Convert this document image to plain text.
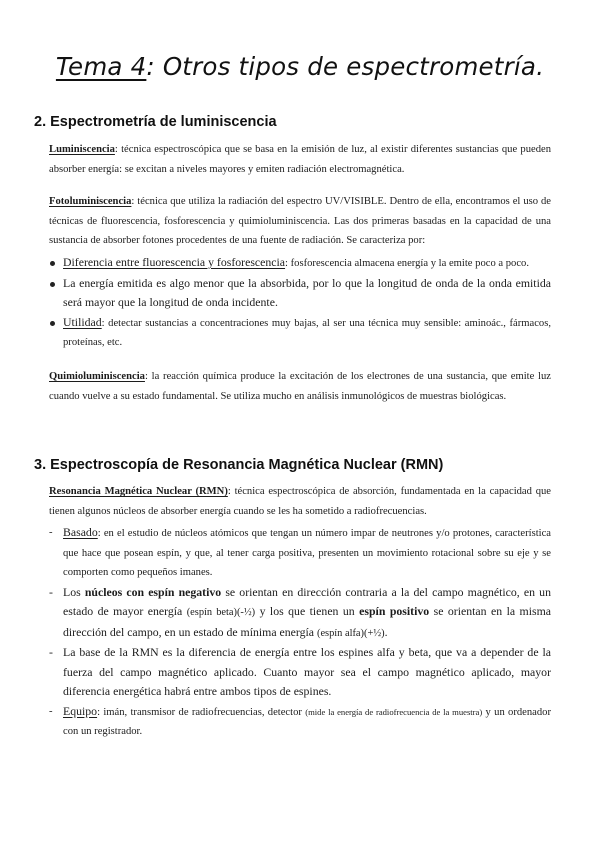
Tema 4: Otros tipos de espectrometría.
2. Espectrometría de luminiscencia

Luminiscencia: técnica espectroscópica que se basa en la emisión de luz, al existir diferentes sustancias que pueden absorber energía: se excitan a niveles mayores y emiten radiación electromagnética.

Fotoluminiscencia: técnica que utiliza la radiación del espectro UV/VISIBLE. Dentro de ella, encontramos el uso de técnicas de fluorescencia, fosforescencia y quimioluminiscencia. Las dos primeras basadas en la capacidad de una sustancia de absorber fotones procedentes de una fuente de radiación. Se caracteriza por:

Diferencia entre fluorescencia y fosforescencia: fosforescencia almacena energía y la emite poco a poco.
La energía emitida es algo menor que la absorbida, por lo que la longitud de onda de la onda emitida será mayor que la longitud de onda incidente.
Utilidad: detectar sustancias a concentraciones muy bajas, al ser una técnica muy sensible: aminoác., fármacos, proteínas, etc.

Quimioluminiscencia: la reacción química produce la excitación de los electrones de una sustancia, que emite luz cuando vuelve a su estado fundamental. Se utiliza mucho en análisis inmunológicos de muestras biológicas.

3. Espectroscopía de Resonancia Magnética Nuclear (RMN)

Resonancia Magnética Nuclear (RMN): técnica espectroscópica de absorción, fundamentada en la capacidad que tienen algunos núcleos de absorber energía cuando se les ha sometido a radiofrecuencias.

- Basado: en el estudio de núcleos atómicos que tengan un número impar de neutrones y/o protones, característica que hace que posean espín, y que, al tener carga positiva, presenten un movimiento rotacional sobre su eje y se comporten como pequeños imanes.
- Los núcleos con espín negativo se orientan en dirección contraria a la del campo magnético, en un estado de mayor energía (espín beta)(-½) y los que tienen un espín positivo se orientan en la misma dirección del campo, en un estado de mínima energía (espín alfa)(+½).
- La base de la RMN es la diferencia de energía entre los espines alfa y beta, que va a depender de la fuerza del campo magnético aplicado. Cuanto mayor sea el campo magnético aplicado, mayor diferencia energética habrá entre ambos tipos de espines.
- Equipo: imán, transmisor de radiofrecuencias, detector (mide la energía de radiofrecuencia de la muestra) y un ordenador con un registrador.
